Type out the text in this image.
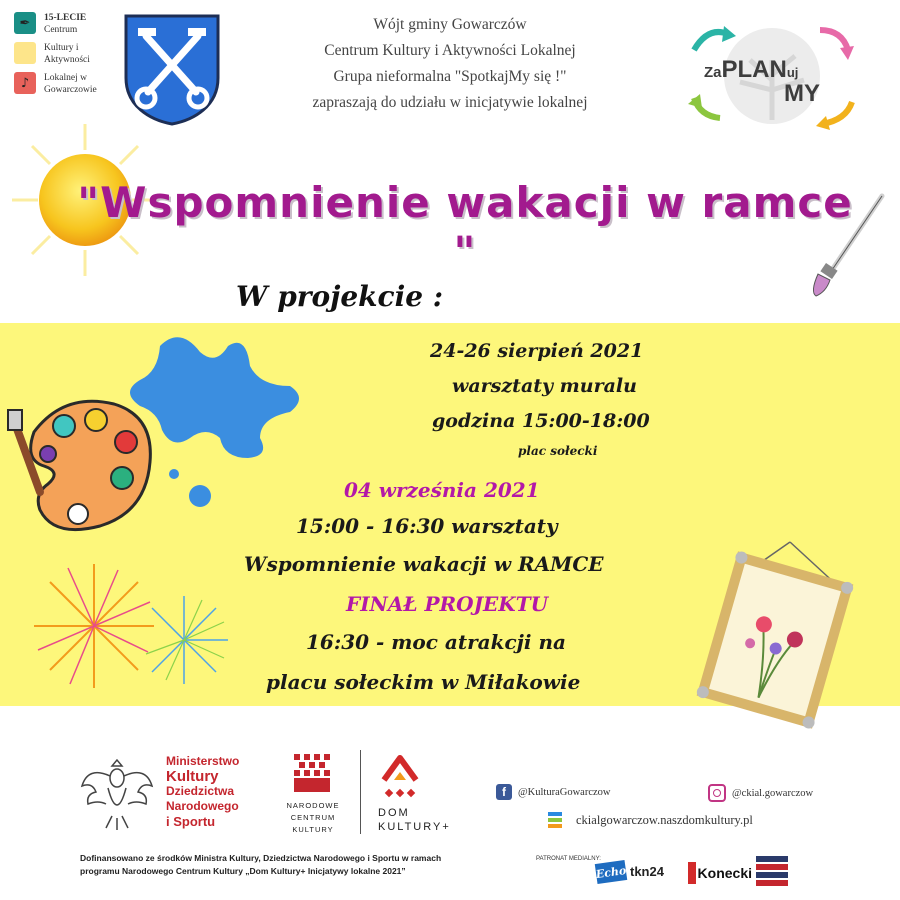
✒	15-LECIE
Centrum
Kultury i
Aktywności
♪	Lokalnej w
Gowarczowie
Wójt gminy Gowarczów
Centrum Kultury i Aktywności Lokalnej
Grupa nieformalna "SpotkajMy się !"
zapraszają do udziału w inicjatywie lokalnej
ZaPLANuj
MY
"Wspomnienie wakacji w ramce "
W projekcie :
24-26 sierpień 2021
warsztaty muralu
godzina 15:00-18:00
plac sołecki
04 września 2021
15:00 - 16:30 warsztaty
Wspomnienie wakacji w RAMCE
FINAŁ PROJEKTU
16:30 - moc atrakcji na
placu sołeckim w Miłakowie
Ministerstwo
Kultury
Dziedzictwa
Narodowego
i Sportu
NARODOWE
CENTRUM
KULTURY
DOM
KULTURY+
f	@KulturaGowarczow	@ckial.gowarczow
ckialgowarczow.naszdomkultury.pl
PATRONAT MEDIALNY:
Echo tkn24 Konecki
Dofinansowano ze środków Ministra Kultury, Dziedzictwa Narodowego i Sportu w ramach
programu Narodowego Centrum Kultury „Dom Kultury+ Inicjatywy lokalne 2021”
